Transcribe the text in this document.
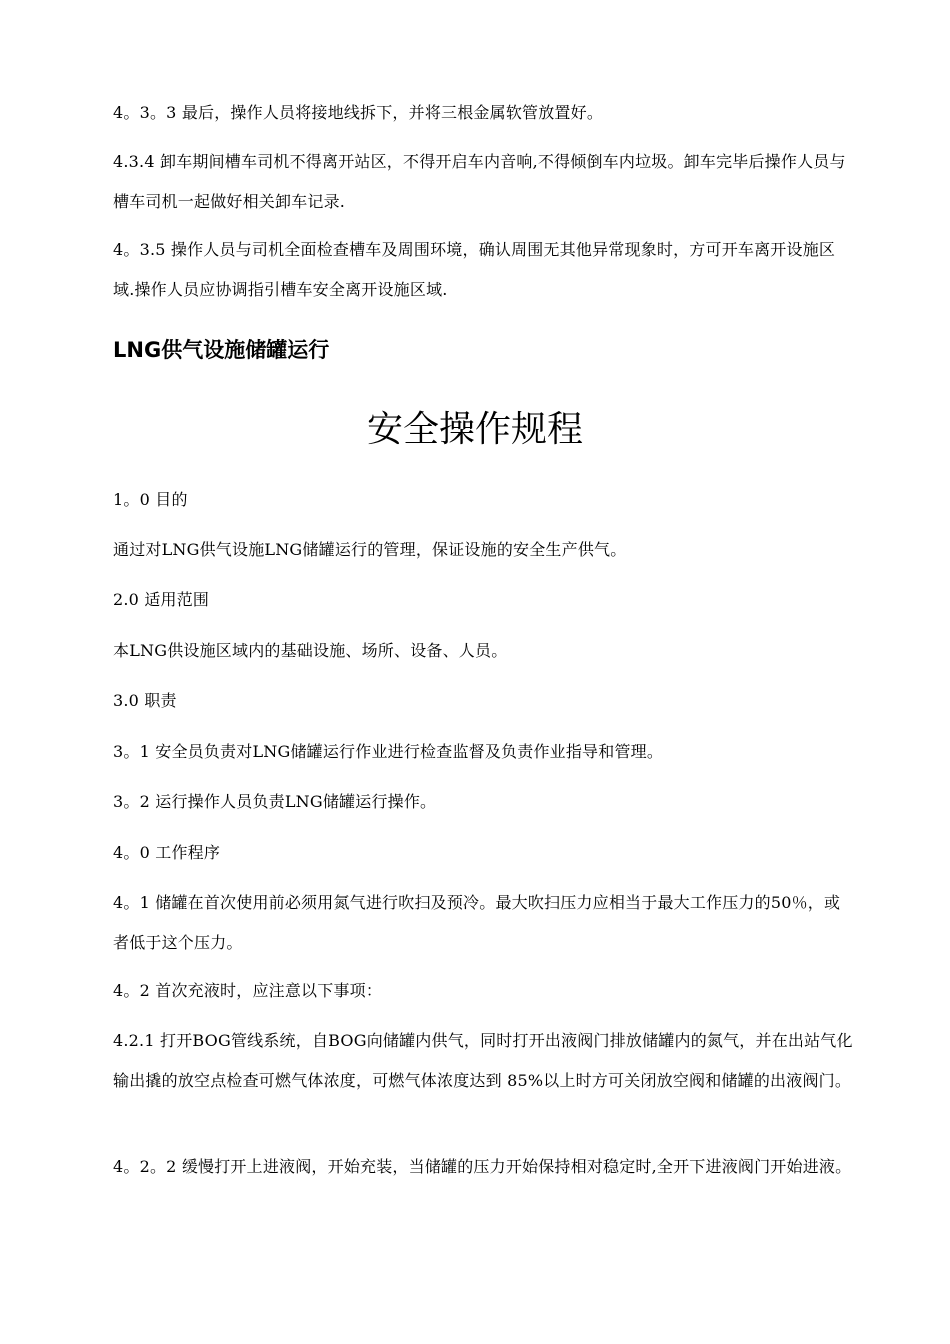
4。3。3 最后，操作人员将接地线拆下，并将三根金属软管放置好。
4.3.4 卸车期间槽车司机不得离开站区，不得开启车内音响,不得倾倒车内垃圾。卸车完毕后操作人员与槽车司机一起做好相关卸车记录.
4。3.5 操作人员与司机全面检查槽车及周围环境，确认周围无其他异常现象时，方可开车离开设施区域.操作人员应协调指引槽车安全离开设施区域.
LNG供气设施储罐运行
安全操作规程
1。0 目的
通过对LNG供气设施LNG储罐运行的管理，保证设施的安全生产供气。
2.0 适用范围
本LNG供设施区域内的基础设施、场所、设备、人员。
3.0 职责
3。1 安全员负责对LNG储罐运行作业进行检查监督及负责作业指导和管理。
3。2 运行操作人员负责LNG储罐运行操作。
4。0 工作程序
4。1 储罐在首次使用前必须用氮气进行吹扫及预冷。最大吹扫压力应相当于最大工作压力的50％，或者低于这个压力。
4。2 首次充液时，应注意以下事项：
4.2.1 打开BOG管线系统，自BOG向储罐内供气，同时打开出液阀门排放储罐内的氮气，并在出站气化输出撬的放空点检查可燃气体浓度，可燃气体浓度达到 85%以上时方可关闭放空阀和储罐的出液阀门。
4。2。2 缓慢打开上进液阀，开始充装，当储罐的压力开始保持相对稳定时,全开下进液阀门开始进液。
